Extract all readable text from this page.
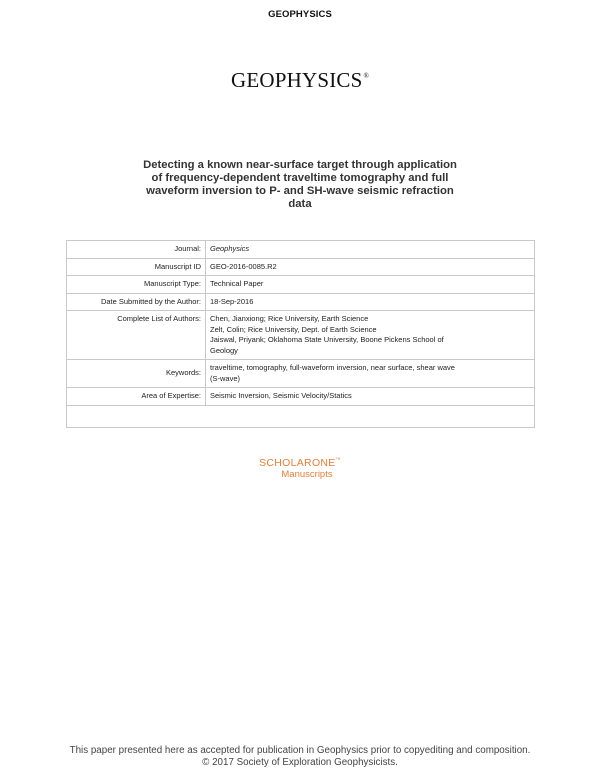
GEOPHYSICS
GEOPHYSICS®
Detecting a known near-surface target through application
of frequency-dependent traveltime tomography and full
waveform inversion to P- and SH-wave seismic refraction
data
Journal:	Geophysics
Manuscript ID	GEO-2016-0085.R2
Manuscript Type:	Technical Paper
Date Submitted by the Author:	18-Sep-2016
Complete List of Authors:	Chen, Jianxiong; Rice University, Earth Science
Zelt, Colin; Rice University, Dept. of Earth Science
Jaiswal, Priyank; Oklahoma State University, Boone Pickens School of
Geology

Keywords:	traveltime, tomography, full-waveform inversion, near surface, shear wave
(S-wave)

Area of Expertise:	Seismic Inversion, Seismic Velocity/Statics

SCHOLARONE™
Manuscripts
This paper presented here as accepted for publication in Geophysics prior to copyediting and composition.
© 2017 Society of Exploration Geophysicists.
